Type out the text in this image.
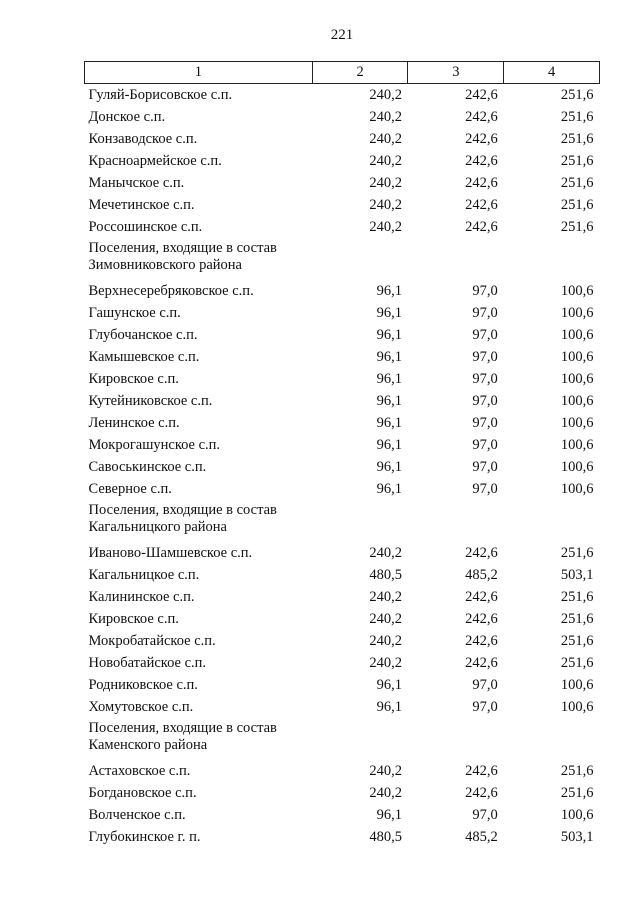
221
1	2	3	4
Гуляй-Борисовское с.п.	240,2	242,6	251,6
Донское с.п.	240,2	242,6	251,6
Конзаводское с.п.	240,2	242,6	251,6
Красноармейское с.п.	240,2	242,6	251,6
Манычское с.п.	240,2	242,6	251,6
Мечетинское с.п.	240,2	242,6	251,6
Россошинское с.п.	240,2	242,6	251,6
Поселения, входящие в состав Зимовниковского района			
Верхнесеребряковское с.п.	96,1	97,0	100,6
Гашунское с.п.	96,1	97,0	100,6
Глубочанское с.п.	96,1	97,0	100,6
Камышевское с.п.	96,1	97,0	100,6
Кировское с.п.	96,1	97,0	100,6
Кутейниковское с.п.	96,1	97,0	100,6
Ленинское с.п.	96,1	97,0	100,6
Мокрогашунское с.п.	96,1	97,0	100,6
Савоськинское с.п.	96,1	97,0	100,6
Северное с.п.	96,1	97,0	100,6
Поселения, входящие в состав Кагальницкого района			
Иваново-Шамшевское с.п.	240,2	242,6	251,6
Кагальницкое с.п.	480,5	485,2	503,1
Калининское с.п.	240,2	242,6	251,6
Кировское с.п.	240,2	242,6	251,6
Мокробатайское с.п.	240,2	242,6	251,6
Новобатайское с.п.	240,2	242,6	251,6
Родниковское с.п.	96,1	97,0	100,6
Хомутовское с.п.	96,1	97,0	100,6
Поселения, входящие в состав Каменского района			
Астаховское с.п.	240,2	242,6	251,6
Богдановское с.п.	240,2	242,6	251,6
Волченское с.п.	96,1	97,0	100,6
Глубокинское г. п.	480,5	485,2	503,1
